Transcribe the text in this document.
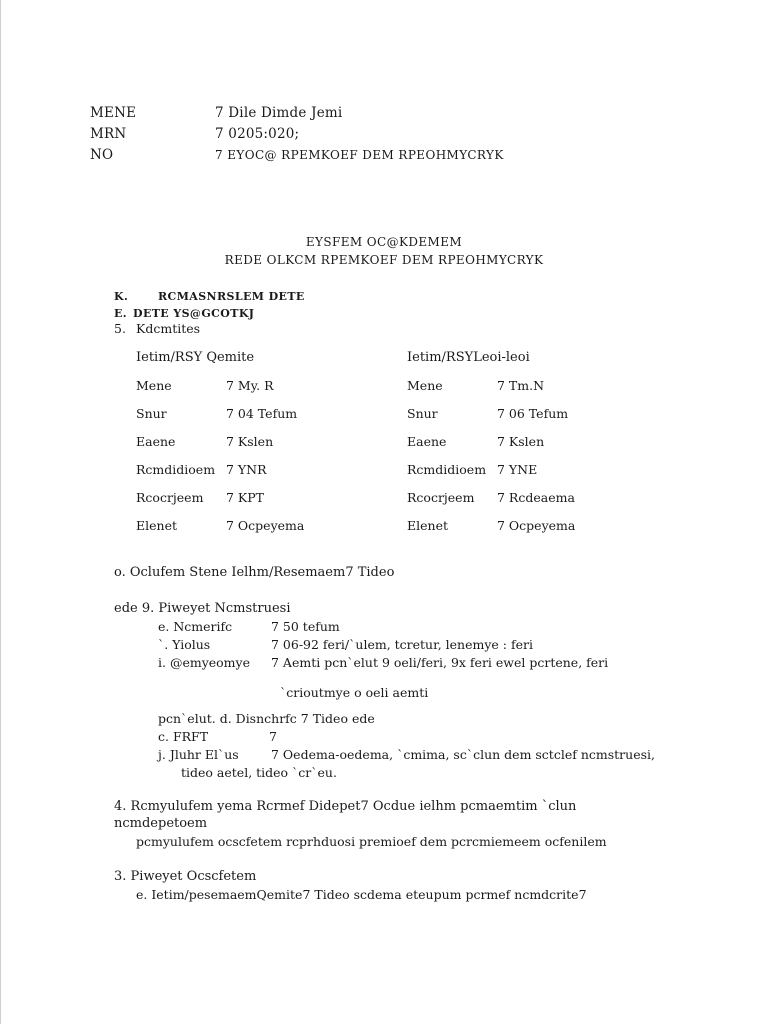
MENE	7 Dile Dimde Jemi
MRN	7 0205:020;
NO	7 EYOC@ RPEMKOEF DEM RPEOHMYCRYK
EYSFEM OC@KDEMEM
REDE OLKCM RPEMKOEF DEM RPEOHMYCRYK
K.	RCMASNRSLEM DETE
E. DETE YS@GCOTKJ
5. Kdcmtites
Ietim/RSY Qemite
Mene	7 My. R
Snur	7 04 Tefum
Eaene	7 Kslen
Rcmdidioem 7 YNR
Rcocrjeem 7 KPT
Elenet	7 Ocpeyema
Ietim/RSYLeoi-leoi
Mene	7 Tm.N
Snur	7 06 Tefum
Eaene	7 Kslen
Rcmdidioem 7 YNE
Rcocrjeem 7 Rcdeaema
Elenet	7 Ocpeyema
o. Oclufem Stene Ielhm/Resemaem7 Tideo
ede 9. Piweyet Ncmstruesi
e. Ncmerifc	7 50 tefum
`. Yiolus	7 06-92 feri/`ulem, tcretur, lenemye : feri
i. @emyeomye 7 Aemti pcn`elut 9 oeli/feri, 9x feri ewel pcrtene, feri
`crioutmye o oeli aemti
pcn`elut. d. Disnchrfc 7 Tideo ede
c. FRFT	7
j. Jluhr El`us	7 Oedema-oedema, `cmima, sc`clun dem sctclef ncmstruesi,
tideo aetel, tideo `cr`eu.
4. Rcmyulufem yema Rcrmef Didepet7 Ocdue ielhm pcmaemtim `clun
ncmdepetoem
pcmyulufem ocscfetem rcprhduosi premioef dem pcrcmiemeem ocfenilem
3. Piweyet Ocscfetem
e. Ietim/pesemaemQemite7 Tideo scdema eteupum pcrmef ncmdcrite7
